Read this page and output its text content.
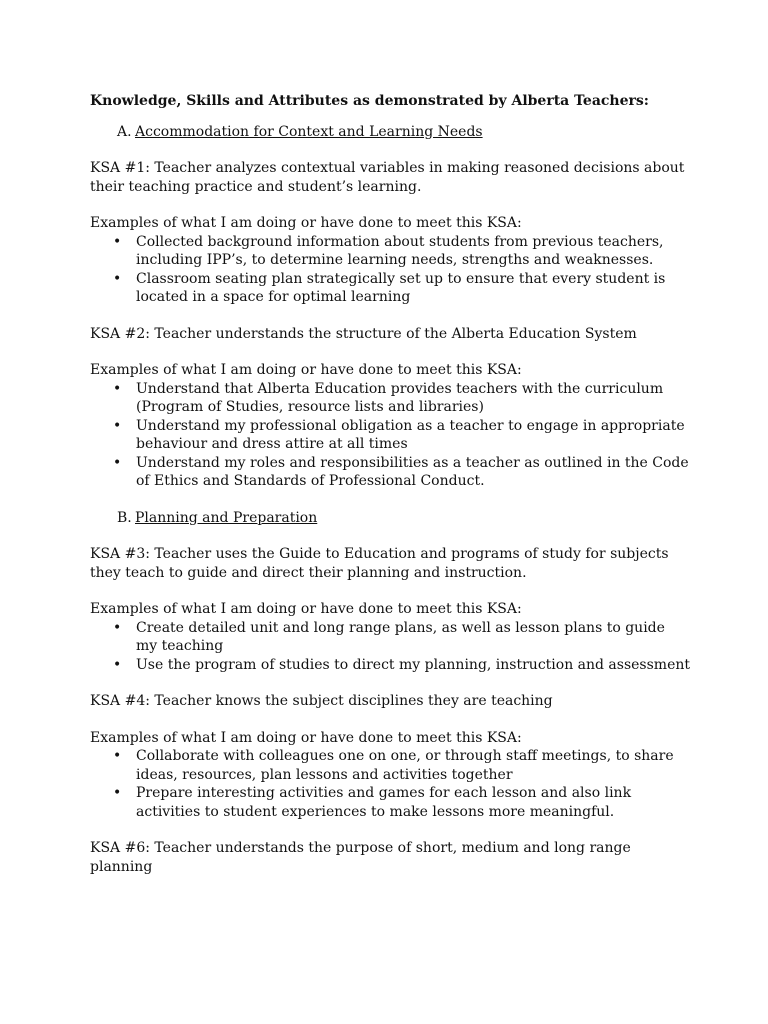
Knowledge, Skills and Attributes as demonstrated by Alberta Teachers:
A. Accommodation for Context and Learning Needs
KSA #1: Teacher analyzes contextual variables in making reasoned decisions about their teaching practice and student’s learning.
Examples of what I am doing or have done to meet this KSA:
• Collected background information about students from previous teachers, including IPP’s, to determine learning needs, strengths and weaknesses.
• Classroom seating plan strategically set up to ensure that every student is located in a space for optimal learning
KSA #2: Teacher understands the structure of the Alberta Education System
Examples of what I am doing or have done to meet this KSA:
• Understand that Alberta Education provides teachers with the curriculum (Program of Studies, resource lists and libraries)
• Understand my professional obligation as a teacher to engage in appropriate behaviour and dress attire at all times
• Understand my roles and responsibilities as a teacher as outlined in the Code of Ethics and Standards of Professional Conduct.
B. Planning and Preparation
KSA #3: Teacher uses the Guide to Education and programs of study for subjects they teach to guide and direct their planning and instruction.
Examples of what I am doing or have done to meet this KSA:
• Create detailed unit and long range plans, as well as lesson plans to guide my teaching
• Use the program of studies to direct my planning, instruction and assessment
KSA #4: Teacher knows the subject disciplines they are teaching
Examples of what I am doing or have done to meet this KSA:
• Collaborate with colleagues one on one, or through staff meetings, to share ideas, resources, plan lessons and activities together
• Prepare interesting activities and games for each lesson and also link activities to student experiences to make lessons more meaningful.
KSA #6: Teacher understands the purpose of short, medium and long range planning
